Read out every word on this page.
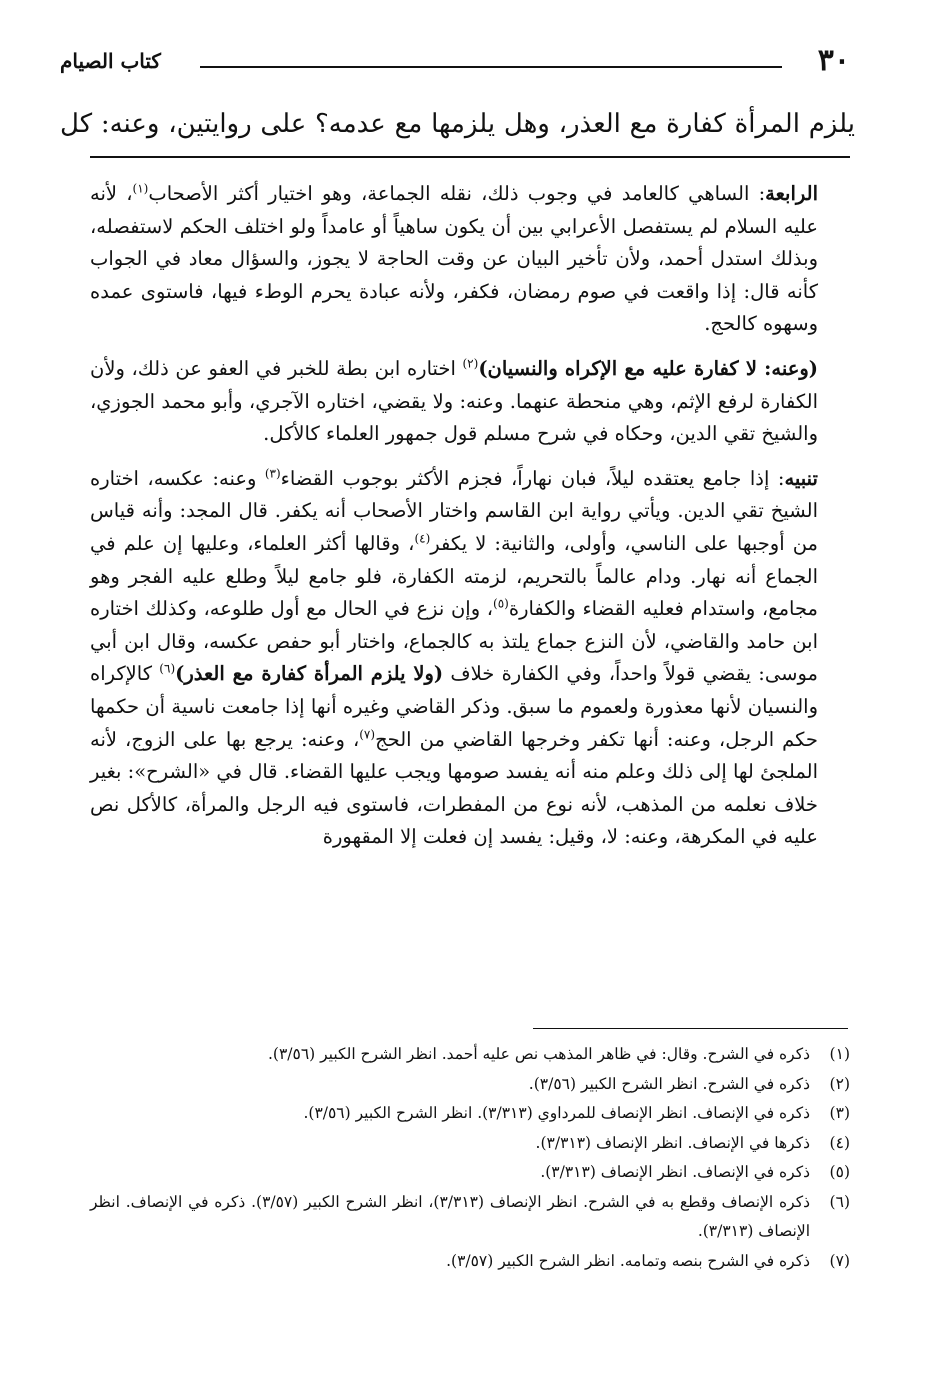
٣٠
كتاب الصيام
يلزم المرأة كفارة مع العذر، وهل يلزمها مع عدمه؟ على روايتين، وعنه: كل

الرابعة: الساهي كالعامد في وجوب ذلك، نقله الجماعة، وهو اختيار أكثر الأصحاب$^{(١)}$، لأنه عليه السلام لم يستفصل الأعرابي بين أن يكون ساهياً أو عامداً ولو اختلف الحكم لاستفصله، وبذلك استدل أحمد، ولأن تأخير البيان عن وقت الحاجة لا يجوز، والسؤال معاد في الجواب كأنه قال: إذا واقعت في صوم رمضان، فكفر، ولأنه عبادة يحرم الوطء فيها، فاستوى عمده وسهوه كالحج.

(وعنه: لا كفارة عليه مع الإكراه والنسيان)$^{(٢)}$ اختاره ابن بطة للخبر في العفو عن ذلك، ولأن الكفارة لرفع الإثم، وهي منحطة عنهما. وعنه: ولا يقضي، اختاره الآجري، وأبو محمد الجوزي، والشيخ تقي الدين، وحكاه في شرح مسلم قول جمهور العلماء كالأكل.

تنبيه: إذا جامع يعتقده ليلاً، فبان نهاراً، فجزم الأكثر بوجوب القضاء$^{(٣)}$ وعنه: عكسه، اختاره الشيخ تقي الدين. ويأتي رواية ابن القاسم واختار الأصحاب أنه يكفر. قال المجد: وأنه قياس من أوجبها على الناسي، وأولى، والثانية: لا يكفر$^{(٤)}$، وقالها أكثر العلماء، وعليها إن علم في الجماع أنه نهار. ودام عالماً بالتحريم، لزمته الكفارة، فلو جامع ليلاً وطلع عليه الفجر وهو مجامع، واستدام فعليه القضاء والكفارة$^{(٥)}$، وإن نزع في الحال مع أول طلوعه، وكذلك اختاره ابن حامد والقاضي، لأن النزع جماع يلتذ به كالجماع، واختار أبو حفص عكسه، وقال ابن أبي موسى: يقضي قولاً واحداً، وفي الكفارة خلاف (ولا يلزم المرأة كفارة مع العذر)$^{(٦)}$ كالإكراه والنسيان لأنها معذورة ولعموم ما سبق. وذكر القاضي وغيره أنها إذا جامعت ناسية أن حكمها حكم الرجل، وعنه: أنها تكفر وخرجها القاضي من الحج$^{(٧)}$، وعنه: يرجع بها على الزوج، لأنه الملجئ لها إلى ذلك وعلم منه أنه يفسد صومها ويجب عليها القضاء. قال في «الشرح»: بغير خلاف نعلمه من المذهب، لأنه نوع من المفطرات، فاستوى فيه الرجل والمرأة، كالأكل نص عليه في المكرهة، وعنه: لا، وقيل: يفسد إن فعلت إلا المقهورة

(١)
ذكره في الشرح. وقال: في ظاهر المذهب نص عليه أحمد. انظر الشرح الكبير (٣/٥٦).
(٢)
ذكره في الشرح. انظر الشرح الكبير (٣/٥٦).
(٣)
ذكره في الإنصاف. انظر الإنصاف للمرداوي (٣/٣١٣). انظر الشرح الكبير (٣/٥٦).
(٤)
ذكرها في الإنصاف. انظر الإنصاف (٣/٣١٣).
(٥)
ذكره في الإنصاف. انظر الإنصاف (٣/٣١٣).
(٦)
ذكره الإنصاف وقطع به في الشرح. انظر الإنصاف (٣/٣١٣)، انظر الشرح الكبير (٣/٥٧). ذكره في الإنصاف. انظر الإنصاف (٣/٣١٣).
(٧)
ذكره في الشرح بنصه وتمامه. انظر الشرح الكبير (٣/٥٧).
